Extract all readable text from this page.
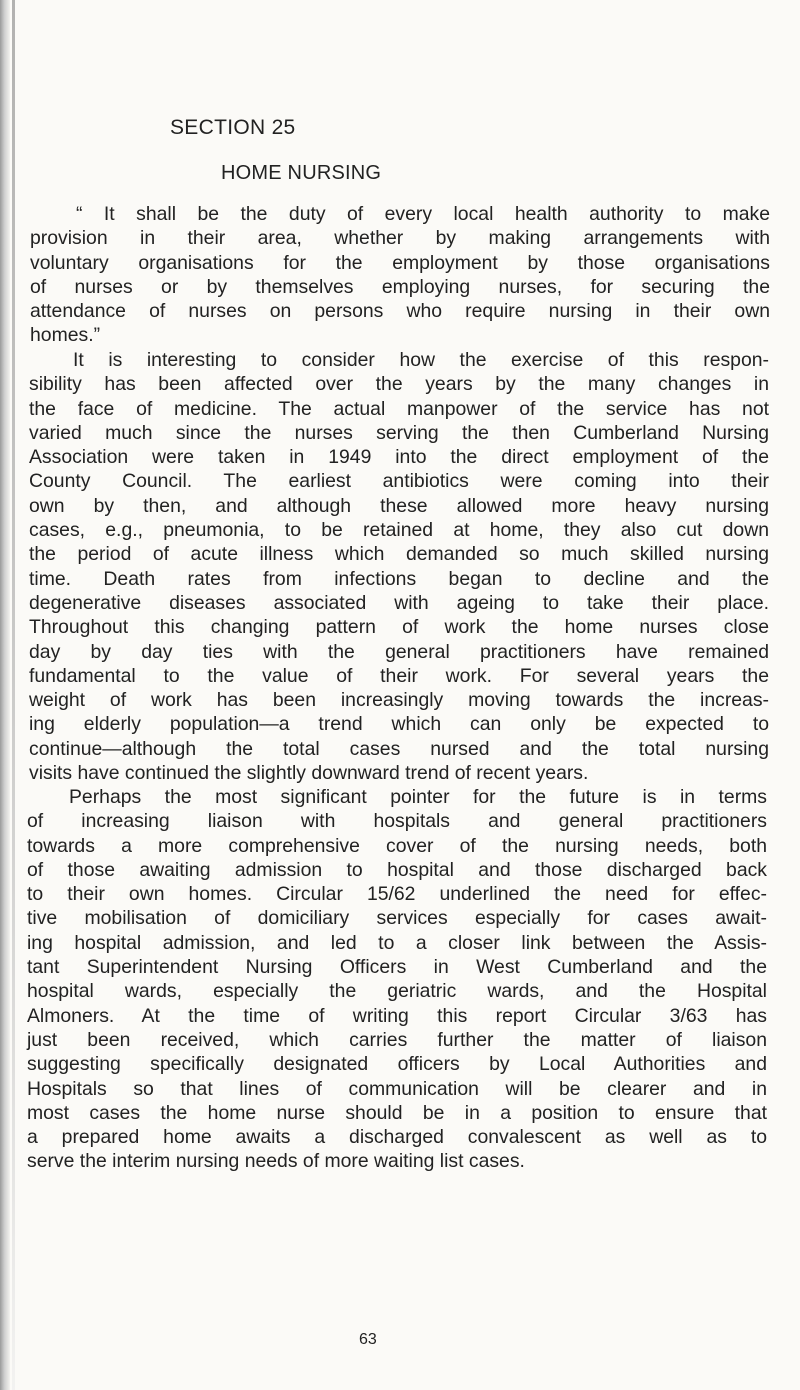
SECTION 25
HOME NURSING

“ It shall be the duty of every local health authority to make
provision in their area, whether by making arrangements with
voluntary organisations for the employment by those organisations
of nurses or by themselves employing nurses, for securing the
attendance of nurses on persons who require nursing in their own
homes.”

It is interesting to consider how the exercise of this respon-
sibility has been affected over the years by the many changes in
the face of medicine. The actual manpower of the service has not
varied much since the nurses serving the then Cumberland Nursing
Association were taken in 1949 into the direct employment of the
County Council. The earliest antibiotics were coming into their
own by then, and although these allowed more heavy nursing
cases, e.g., pneumonia, to be retained at home, they also cut down
the period of acute illness which demanded so much skilled nursing
time. Death rates from infections began to decline and the
degenerative diseases associated with ageing to take their place.
Throughout this changing pattern of work the home nurses close
day by day ties with the general practitioners have remained
fundamental to the value of their work. For several years the
weight of work has been increasingly moving towards the increas-
ing elderly population—a trend which can only be expected to
continue—although the total cases nursed and the total nursing
visits have continued the slightly downward trend of recent years.

Perhaps the most significant pointer for the future is in terms
of increasing liaison with hospitals and general practitioners
towards a more comprehensive cover of the nursing needs, both
of those awaiting admission to hospital and those discharged back
to their own homes. Circular 15/62 underlined the need for effec-
tive mobilisation of domiciliary services especially for cases await-
ing hospital admission, and led to a closer link between the Assis-
tant Superintendent Nursing Officers in West Cumberland and the
hospital wards, especially the geriatric wards, and the Hospital
Almoners. At the time of writing this report Circular 3/63 has
just been received, which carries further the matter of liaison
suggesting specifically designated officers by Local Authorities and
Hospitals so that lines of communication will be clearer and in
most cases the home nurse should be in a position to ensure that
a prepared home awaits a discharged convalescent as well as to
serve the interim nursing needs of more waiting list cases.

63
